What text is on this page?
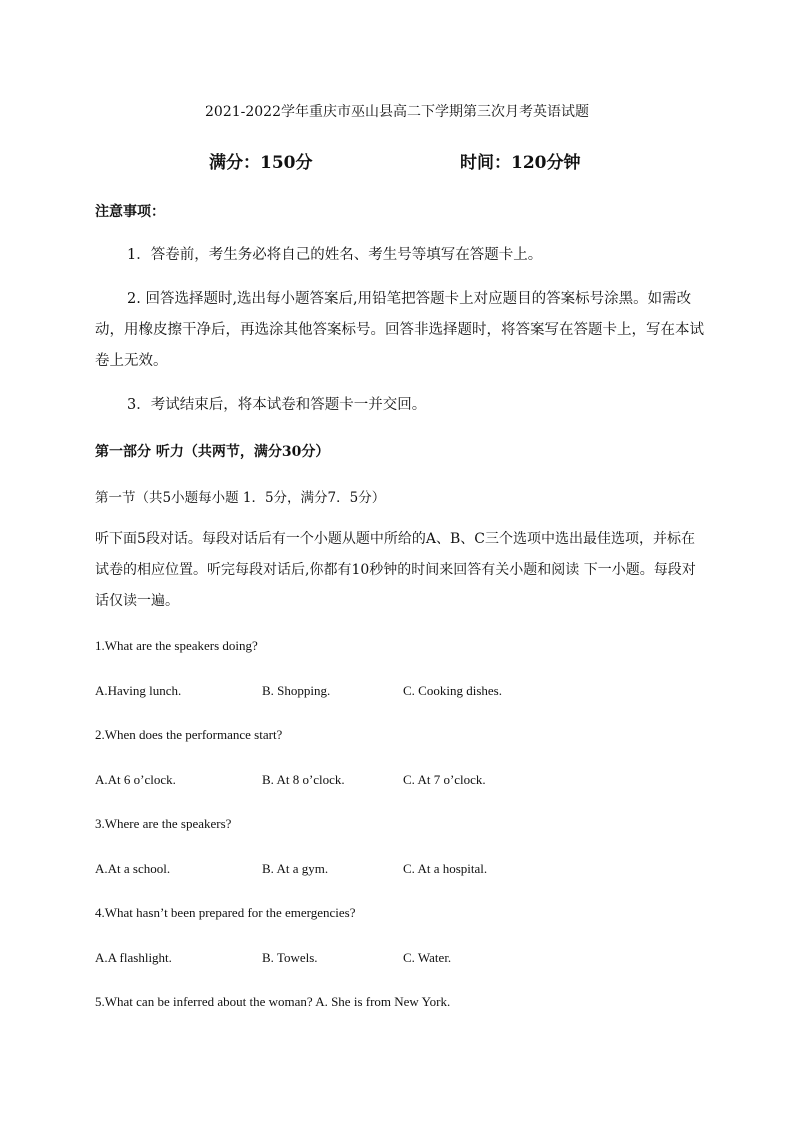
2021-2022学年重庆市巫山县高二下学期第三次月考英语试题
满分：150分	时间：120分钟
注意事项：
1．答卷前，考生务必将自己的姓名、考生号等填写在答题卡上。
2. 回答选择题时,选出每小题答案后,用铅笔把答题卡上对应题目的答案标号涂黑。如需改动，用橡皮擦干净后，再选涂其他答案标号。回答非选择题时，将答案写在答题卡上，写在本试卷上无效。
3．考试结束后，将本试卷和答题卡一并交回。
第一部分 听力（共两节，满分30分）
第一节（共5小题每小题 1．5分，满分7．5分）
听下面5段对话。每段对话后有一个小题从题中所给的A、B、C三个选项中选出最佳选项，并标在试卷的相应位置。听完每段对话后,你都有10秒钟的时间来回答有关小题和阅读 下一小题。每段对话仅读一遍。
1.What are the speakers doing?
A.Having lunch.	B. Shopping.	C. Cooking dishes.
2.When does the performance start?
A.At 6 o’clock.	B. At 8 o’clock.	C. At 7 o’clock.
3.Where are the speakers?
A.At a school.	B. At a gym.	C. At a hospital.
4.What hasn’t been prepared for the emergencies?
A.A flashlight.	B. Towels.	C. Water.
5.What can be inferred about the woman? A. She is from New York.
